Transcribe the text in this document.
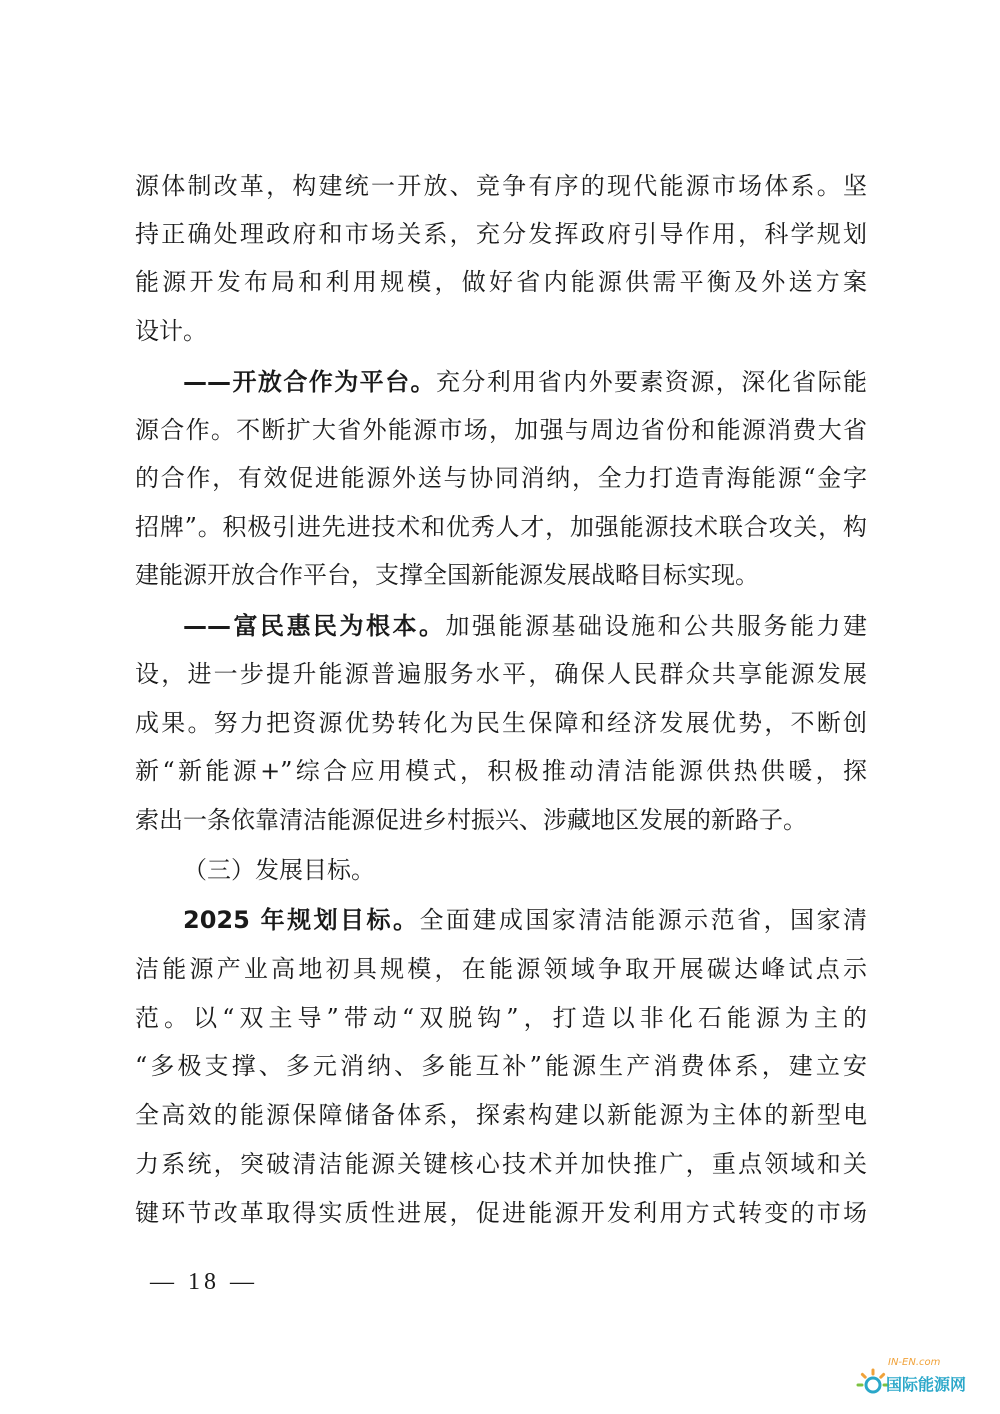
源体制改革，构建统一开放、竞争有序的现代能源市场体系。坚
持正确处理政府和市场关系，充分发挥政府引导作用，科学规划
能源开发布局和利用规模，做好省内能源供需平衡及外送方案
设计。
——开放合作为平台。充分利用省内外要素资源，深化省际能
源合作。不断扩大省外能源市场，加强与周边省份和能源消费大省
的合作，有效促进能源外送与协同消纳，全力打造青海能源“金字
招牌”。积极引进先进技术和优秀人才，加强能源技术联合攻关，构
建能源开放合作平台，支撑全国新能源发展战略目标实现。
——富民惠民为根本。加强能源基础设施和公共服务能力建
设，进一步提升能源普遍服务水平，确保人民群众共享能源发展
成果。努力把资源优势转化为民生保障和经济发展优势，不断创
新“新能源+”综合应用模式，积极推动清洁能源供热供暖，探
索出一条依靠清洁能源促进乡村振兴、涉藏地区发展的新路子。
（三）发展目标。
2025 年规划目标。全面建成国家清洁能源示范省，国家清
洁能源产业高地初具规模，在能源领域争取开展碳达峰试点示
范。以“双主导”带动“双脱钩”，打造以非化石能源为主的
“多极支撑、多元消纳、多能互补”能源生产消费体系，建立安
全高效的能源保障储备体系，探索构建以新能源为主体的新型电
力系统，突破清洁能源关键核心技术并加快推广，重点领域和关
键环节改革取得实质性进展，促进能源开发利用方式转变的市场
— 18 —
IN-EN.com
国际能源网
